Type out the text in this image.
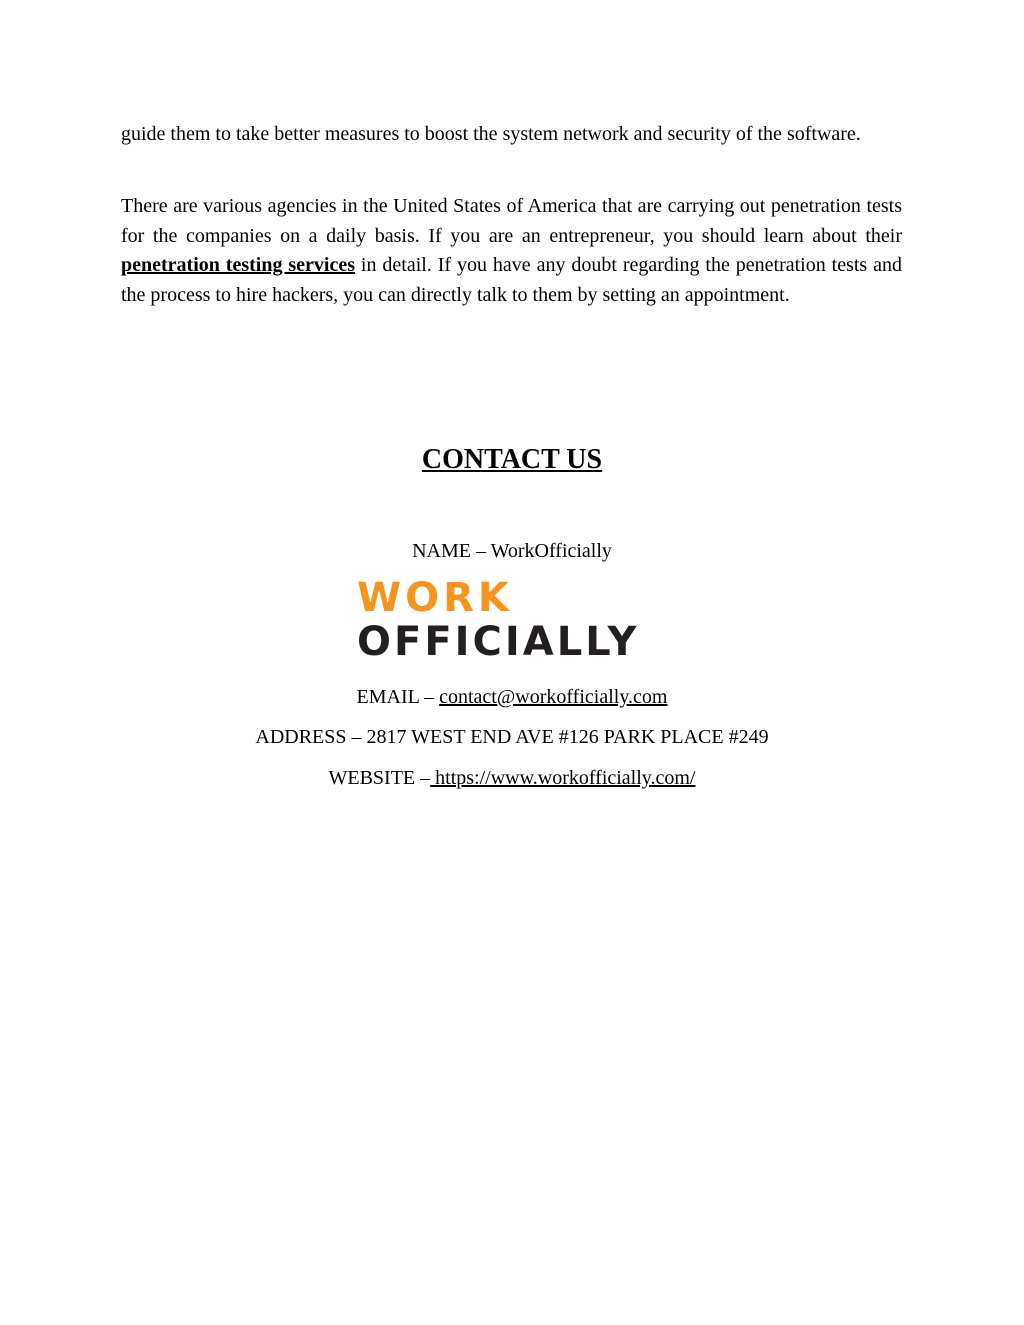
guide them to take better measures to boost the system network and security of the software.

There are various agencies in the United States of America that are carrying out penetration tests for the companies on a daily basis. If you are an entrepreneur, you should learn about their penetration testing services in detail. If you have any doubt regarding the penetration tests and the process to hire hackers, you can directly talk to them by setting an appointment.

CONTACT US
NAME – WorkOfficially
WORK
OFFICIALLY
EMAIL – contact@workofficially.com
ADDRESS – 2817 WEST END AVE #126 PARK PLACE #249
WEBSITE – https://www.workofficially.com/
